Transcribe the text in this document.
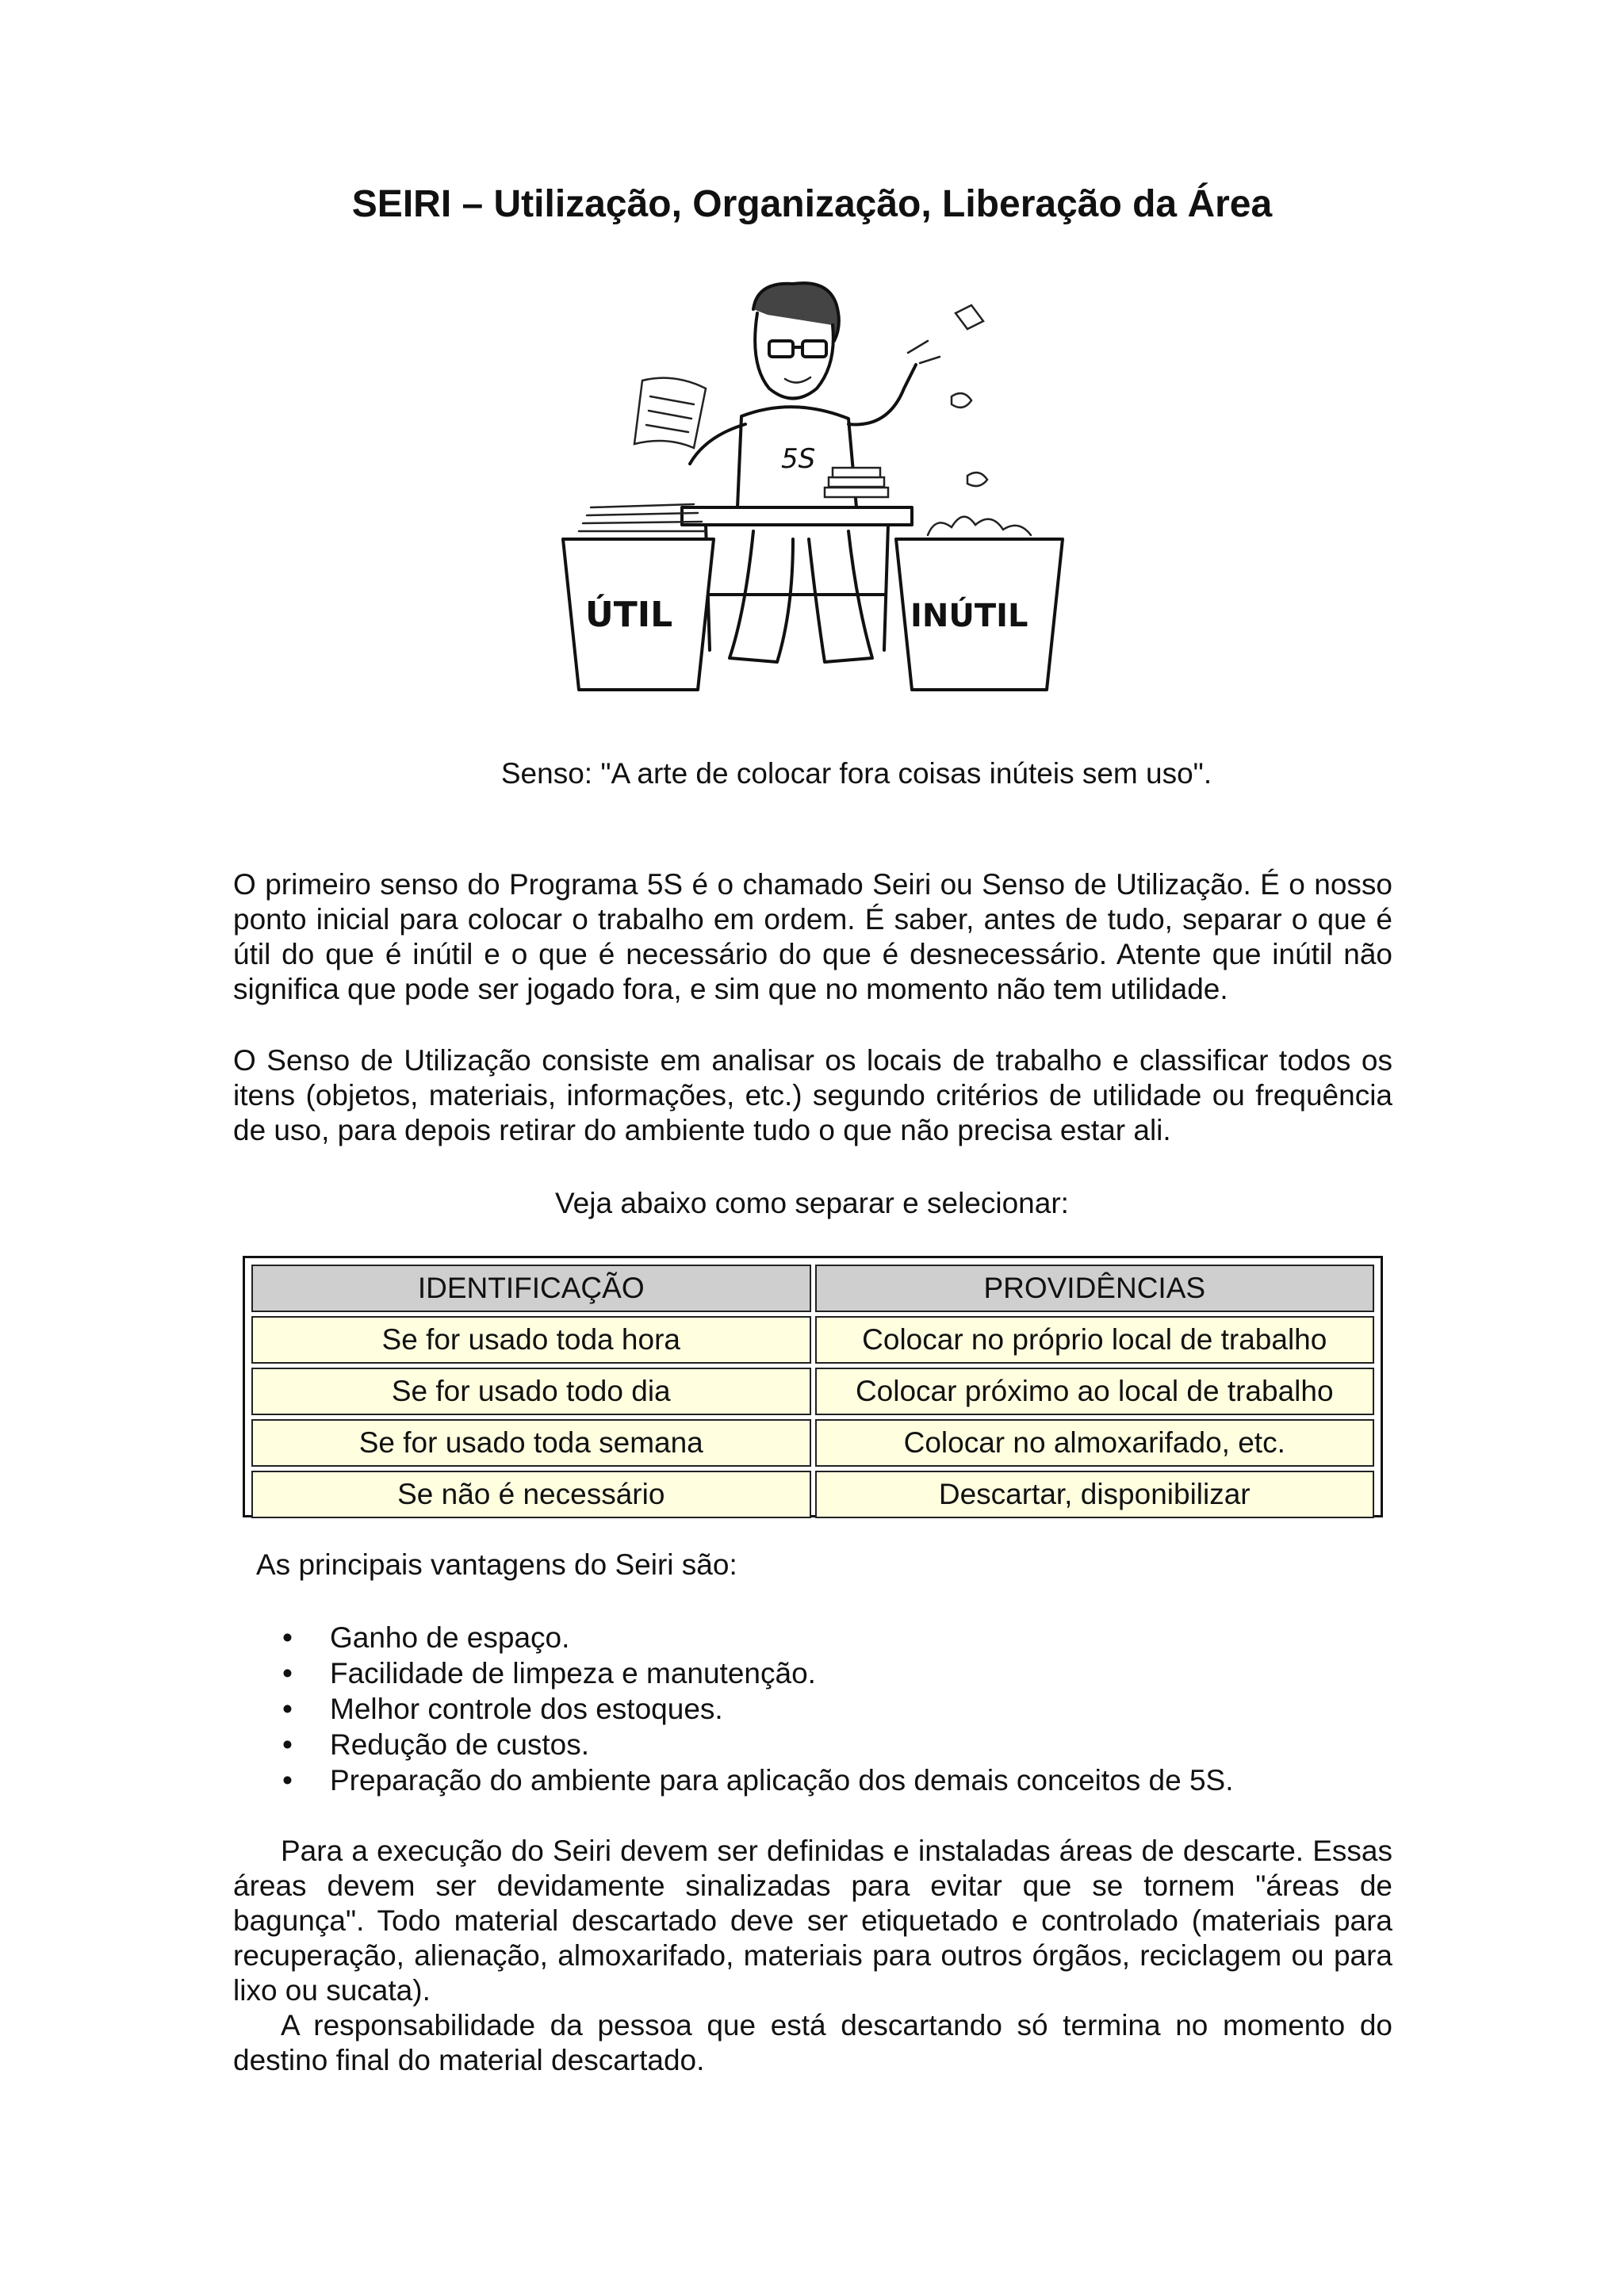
SEIRI – Utilização, Organização, Liberação da Área
5S
ÚTIL	INÚTIL
Senso: "A arte de colocar fora coisas inúteis sem uso".

O primeiro senso do Programa 5S é o chamado Seiri ou Senso de Utilização. É o nosso ponto inicial para colocar o trabalho em ordem. É saber, antes de tudo, separar o que é útil do que é inútil e o que é necessário do que é desnecessário. Atente que inútil não significa que pode ser jogado fora, e sim que no momento não tem utilidade.

O Senso de Utilização consiste em analisar os locais de trabalho e classificar todos os itens (objetos, materiais, informações, etc.) segundo critérios de utilidade ou frequência de uso, para depois retirar do ambiente tudo o que não precisa estar ali.

Veja abaixo como separar e selecionar:
IDENTIFICAÇÃO	PROVIDÊNCIAS
Se for usado toda hora	Colocar no próprio local de trabalho
Se for usado todo dia	Colocar próximo ao local de trabalho
Se for usado toda semana	Colocar no almoxarifado, etc.
Se não é necessário	Descartar, disponibilizar
As principais vantagens do Seiri são:
• Ganho de espaço.
• Facilidade de limpeza e manutenção.
• Melhor controle dos estoques.
• Redução de custos.
• Preparação do ambiente para aplicação dos demais conceitos de 5S.
Para a execução do Seiri devem ser definidas e instaladas áreas de descarte. Essas áreas devem ser devidamente sinalizadas para evitar que se tornem "áreas de bagunça". Todo material descartado deve ser etiquetado e controlado (materiais para recuperação, alienação, almoxarifado, materiais para outros órgãos, reciclagem ou para lixo ou sucata).
A responsabilidade da pessoa que está descartando só termina no momento do destino final do material descartado.
